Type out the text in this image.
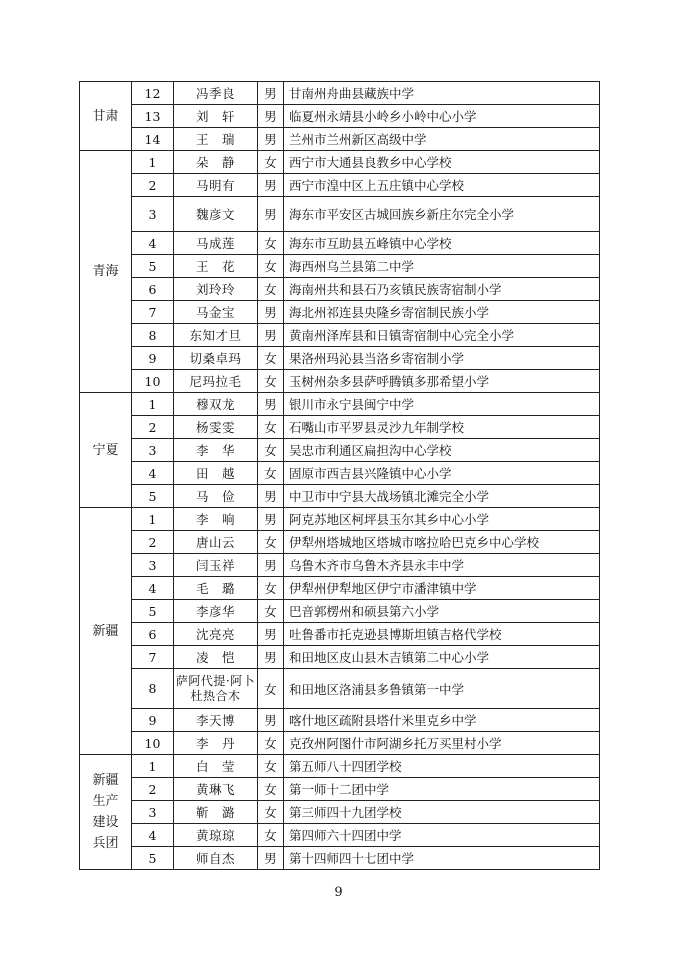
甘肃	12	冯季良	男	甘南州舟曲县藏族中学
	13	刘　轩	男	临夏州永靖县小岭乡小岭中心小学
	14	王　瑞	男	兰州市兰州新区高级中学
青海	1	朵　静	女	西宁市大通县良教乡中心学校
	2	马明有	男	西宁市湟中区上五庄镇中心学校
	3	魏彦文	男	海东市平安区古城回族乡新庄尔完全小学
	4	马成莲	女	海东市互助县五峰镇中心学校
	5	王　花	女	海西州乌兰县第二中学
	6	刘玲玲	女	海南州共和县石乃亥镇民族寄宿制小学
	7	马金宝	男	海北州祁连县央隆乡寄宿制民族小学
	8	东知才旦	男	黄南州泽库县和日镇寄宿制中心完全小学
	9	切桑卓玛	女	果洛州玛沁县当洛乡寄宿制小学
	10	尼玛拉毛	女	玉树州杂多县萨呼腾镇多那希望小学
宁夏	1	穆双龙	男	银川市永宁县闽宁中学
	2	杨雯雯	女	石嘴山市平罗县灵沙九年制学校
	3	李　华	女	吴忠市利通区扁担沟中心学校
	4	田　越	女	固原市西吉县兴隆镇中心小学
	5	马　俭	男	中卫市中宁县大战场镇北滩完全小学
新疆	1	李　响	男	阿克苏地区柯坪县玉尔其乡中心小学
	2	唐山云	女	伊犁州塔城地区塔城市喀拉哈巴克乡中心学校
	3	闫玉祥	男	乌鲁木齐市乌鲁木齐县永丰中学
	4	毛　璐	女	伊犁州伊犁地区伊宁市潘津镇中学
	5	李彦华	女	巴音郭楞州和硕县第六小学
	6	沈亮亮	男	吐鲁番市托克逊县博斯坦镇吉格代学校
	7	凌　恺	男	和田地区皮山县木吉镇第二中心小学
	8	萨阿代提·阿卜杜热合木	女	和田地区洛浦县多鲁镇第一中学
	9	李天博	男	喀什地区疏附县塔什米里克乡中学
	10	李　丹	女	克孜州阿图什市阿湖乡托万买里村小学
新疆生产建设兵团	1	白　莹	女	第五师八十四团学校
	2	黄琳飞	女	第一师十二团中学
	3	靳　潞	女	第三师四十九团学校
	4	黄琼琼	女	第四师六十四团中学
	5	师自杰	男	第十四师四十七团中学
9
